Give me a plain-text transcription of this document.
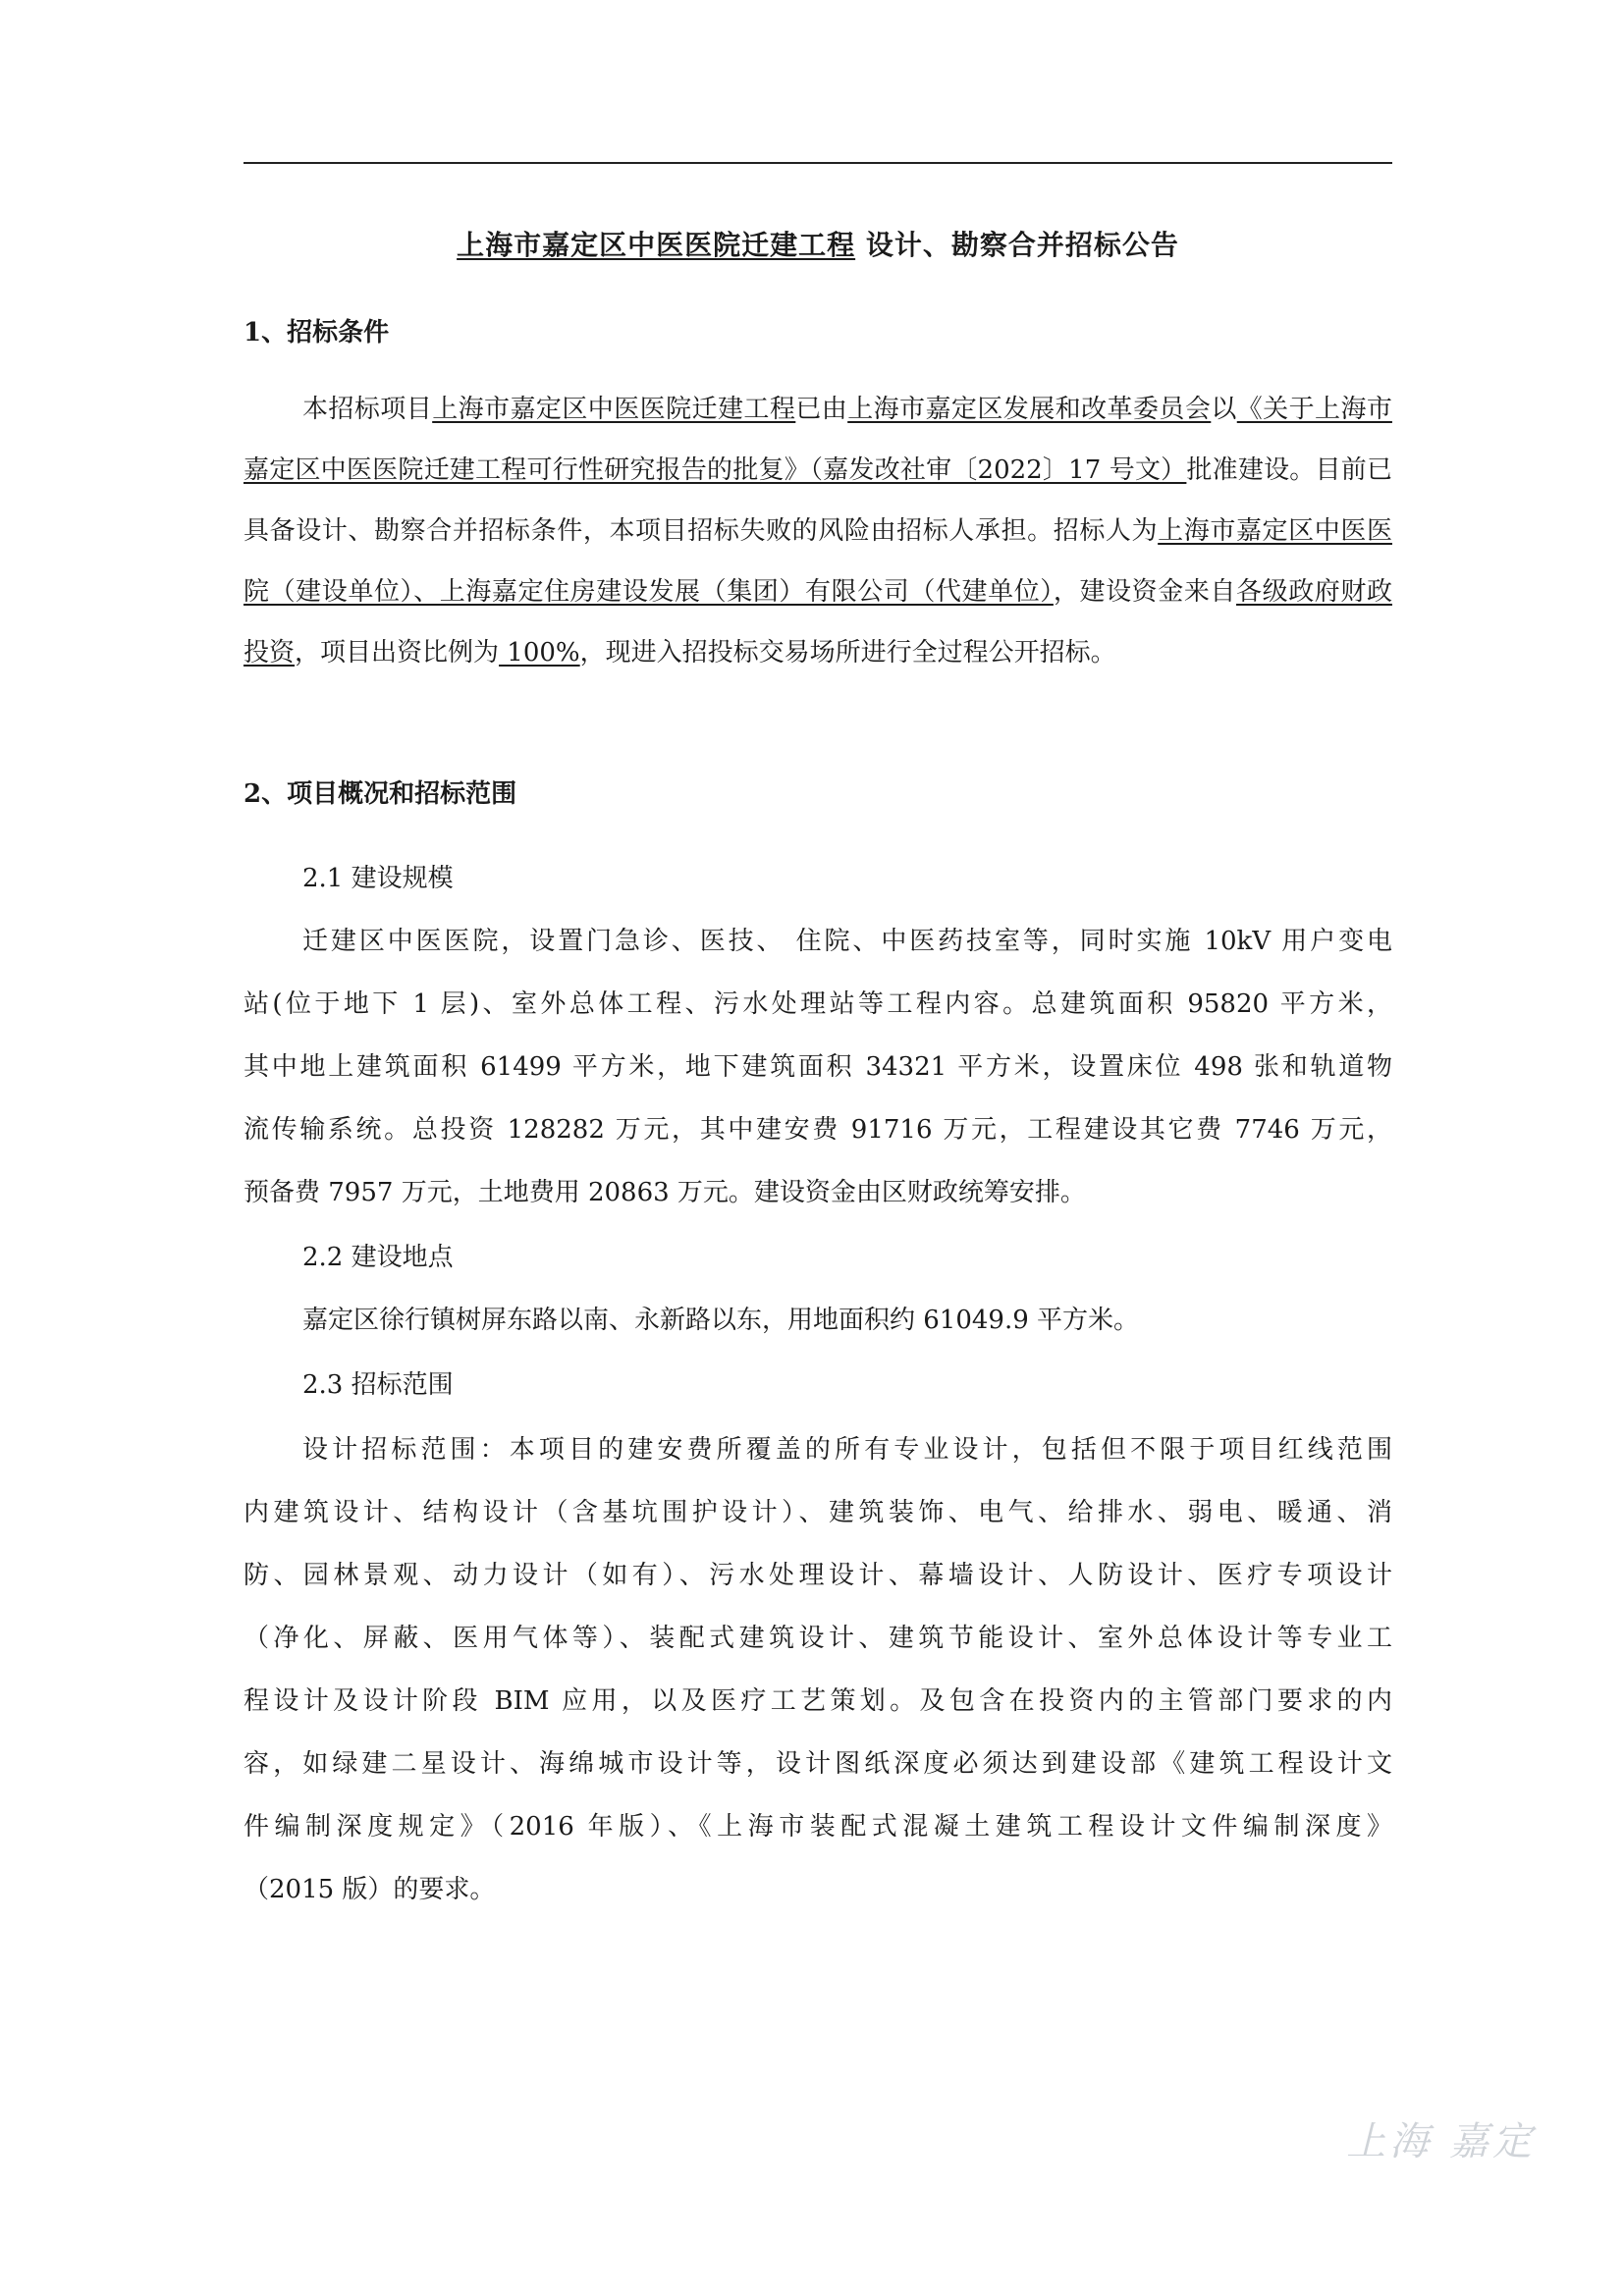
上海市嘉定区中医医院迁建工程 设计、勘察合并招标公告
1、招标条件
本招标项目上海市嘉定区中医医院迁建工程已由上海市嘉定区发展和改革委员会以《关于上海市嘉定区中医医院迁建工程可行性研究报告的批复》（嘉发改社审〔2022〕17 号文）批准建设。目前已具备设计、勘察合并招标条件，本项目招标失败的风险由招标人承担。招标人为上海市嘉定区中医医院（建设单位）、上海嘉定住房建设发展（集团）有限公司（代建单位），建设资金来自各级政府财政投资，项目出资比例为 100%，现进入招投标交易场所进行全过程公开招标。
2、项目概况和招标范围
2.1 建设规模
迁建区中医医院，设置门急诊、医技、 住院、中医药技室等，同时实施 10kV 用户变电
站(位于地下 1 层)、室外总体工程、污水处理站等工程内容。总建筑面积 95820 平方米，
其中地上建筑面积 61499 平方米，地下建筑面积 34321 平方米，设置床位 498 张和轨道物
流传输系统。总投资 128282 万元，其中建安费 91716 万元，工程建设其它费 7746 万元，
预备费 7957 万元，土地费用 20863 万元。建设资金由区财政统筹安排。
2.2 建设地点
嘉定区徐行镇树屏东路以南、永新路以东，用地面积约 61049.9 平方米。
2.3 招标范围
设计招标范围：本项目的建安费所覆盖的所有专业设计，包括但不限于项目红线范围
内建筑设计、结构设计（含基坑围护设计）、建筑装饰、电气、给排水、弱电、暖通、消
防、园林景观、动力设计（如有）、污水处理设计、幕墙设计、人防设计、医疗专项设计
（净化、屏蔽、医用气体等）、装配式建筑设计、建筑节能设计、室外总体设计等专业工
程设计及设计阶段 BIM 应用，以及医疗工艺策划。及包含在投资内的主管部门要求的内
容，如绿建二星设计、海绵城市设计等，设计图纸深度必须达到建设部《建筑工程设计文
件编制深度规定》（2016 年版）、《上海市装配式混凝土建筑工程设计文件编制深度》
（2015 版）的要求。
上海 嘉定
